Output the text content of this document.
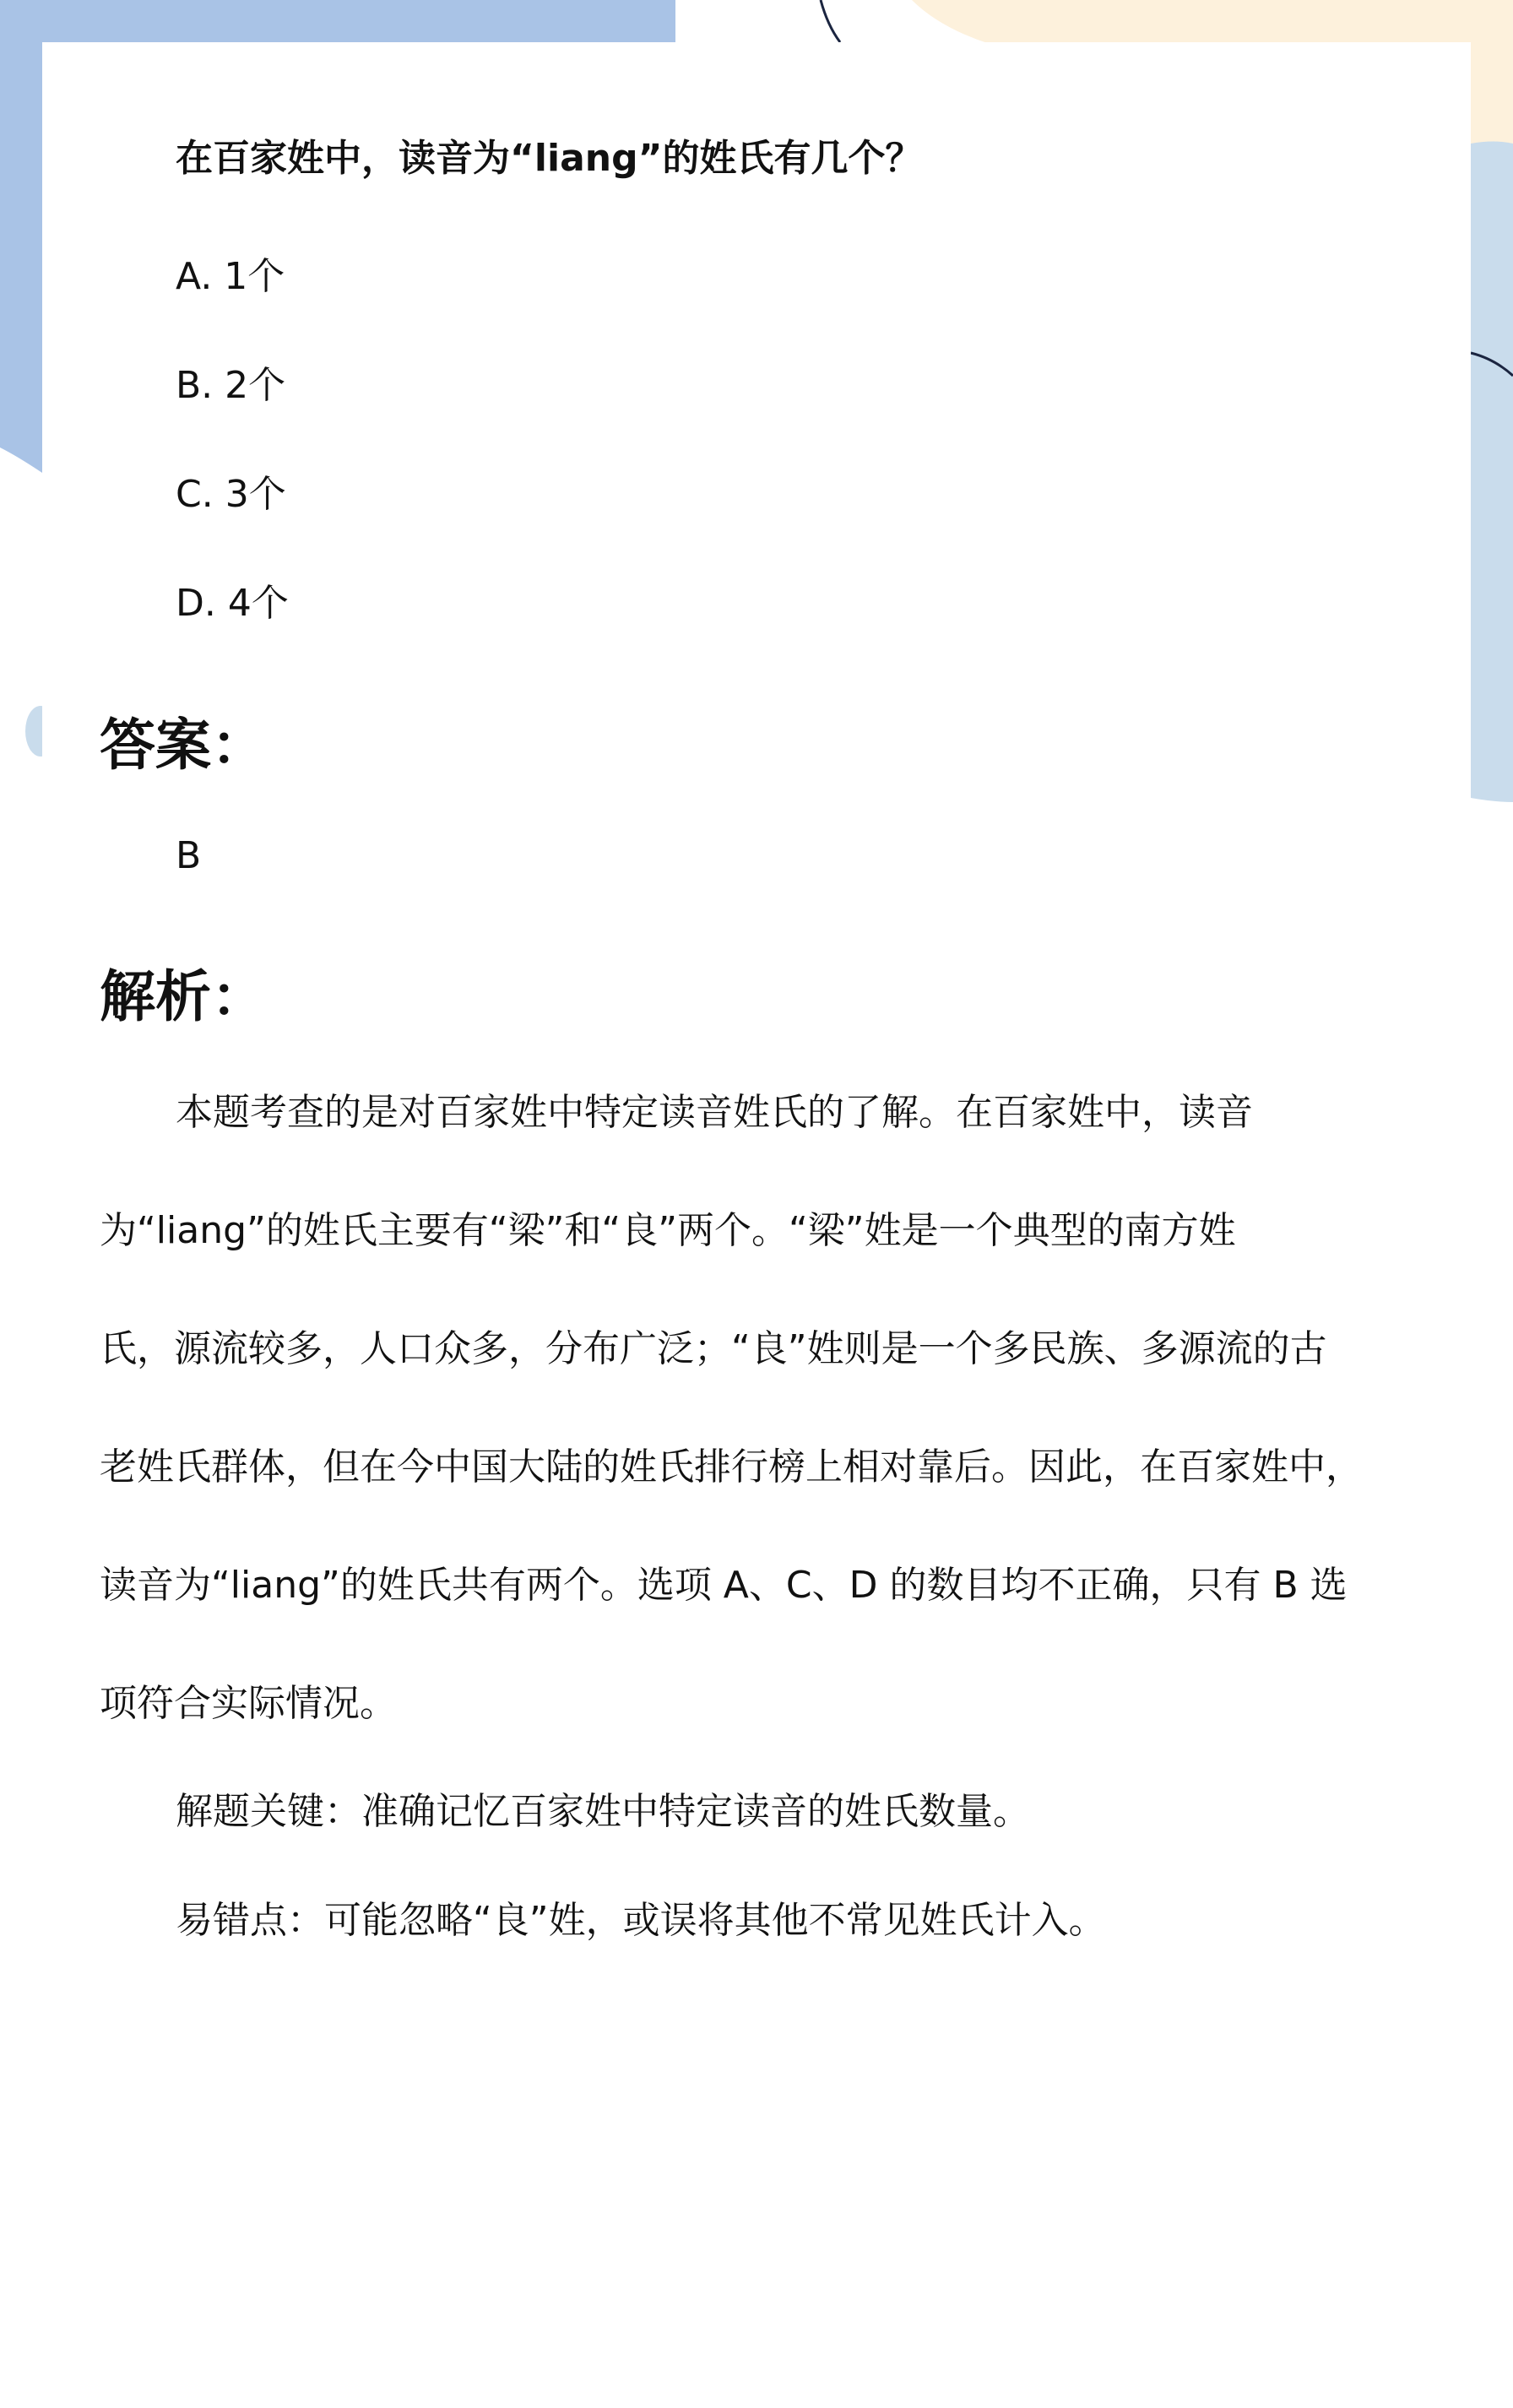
在百家姓中，读音为“liang”的姓氏有几个？

A. 1个
B. 2个
C. 3个
D. 4个
答案：
B
解析：
本题考查的是对百家姓中特定读音姓氏的了解。在百家姓中，读音
为“liang”的姓氏主要有“梁”和“良”两个。“梁”姓是一个典型的南方姓
氏，源流较多，人口众多，分布广泛；“良”姓则是一个多民族、多源流的古
老姓氏群体，但在今中国大陆的姓氏排行榜上相对靠后。因此，在百家姓中，
读音为“liang”的姓氏共有两个。选项 A、C、D 的数目均不正确，只有 B 选
项符合实际情况。

解题关键：准确记忆百家姓中特定读音的姓氏数量。

易错点：可能忽略“良”姓，或误将其他不常见姓氏计入。
